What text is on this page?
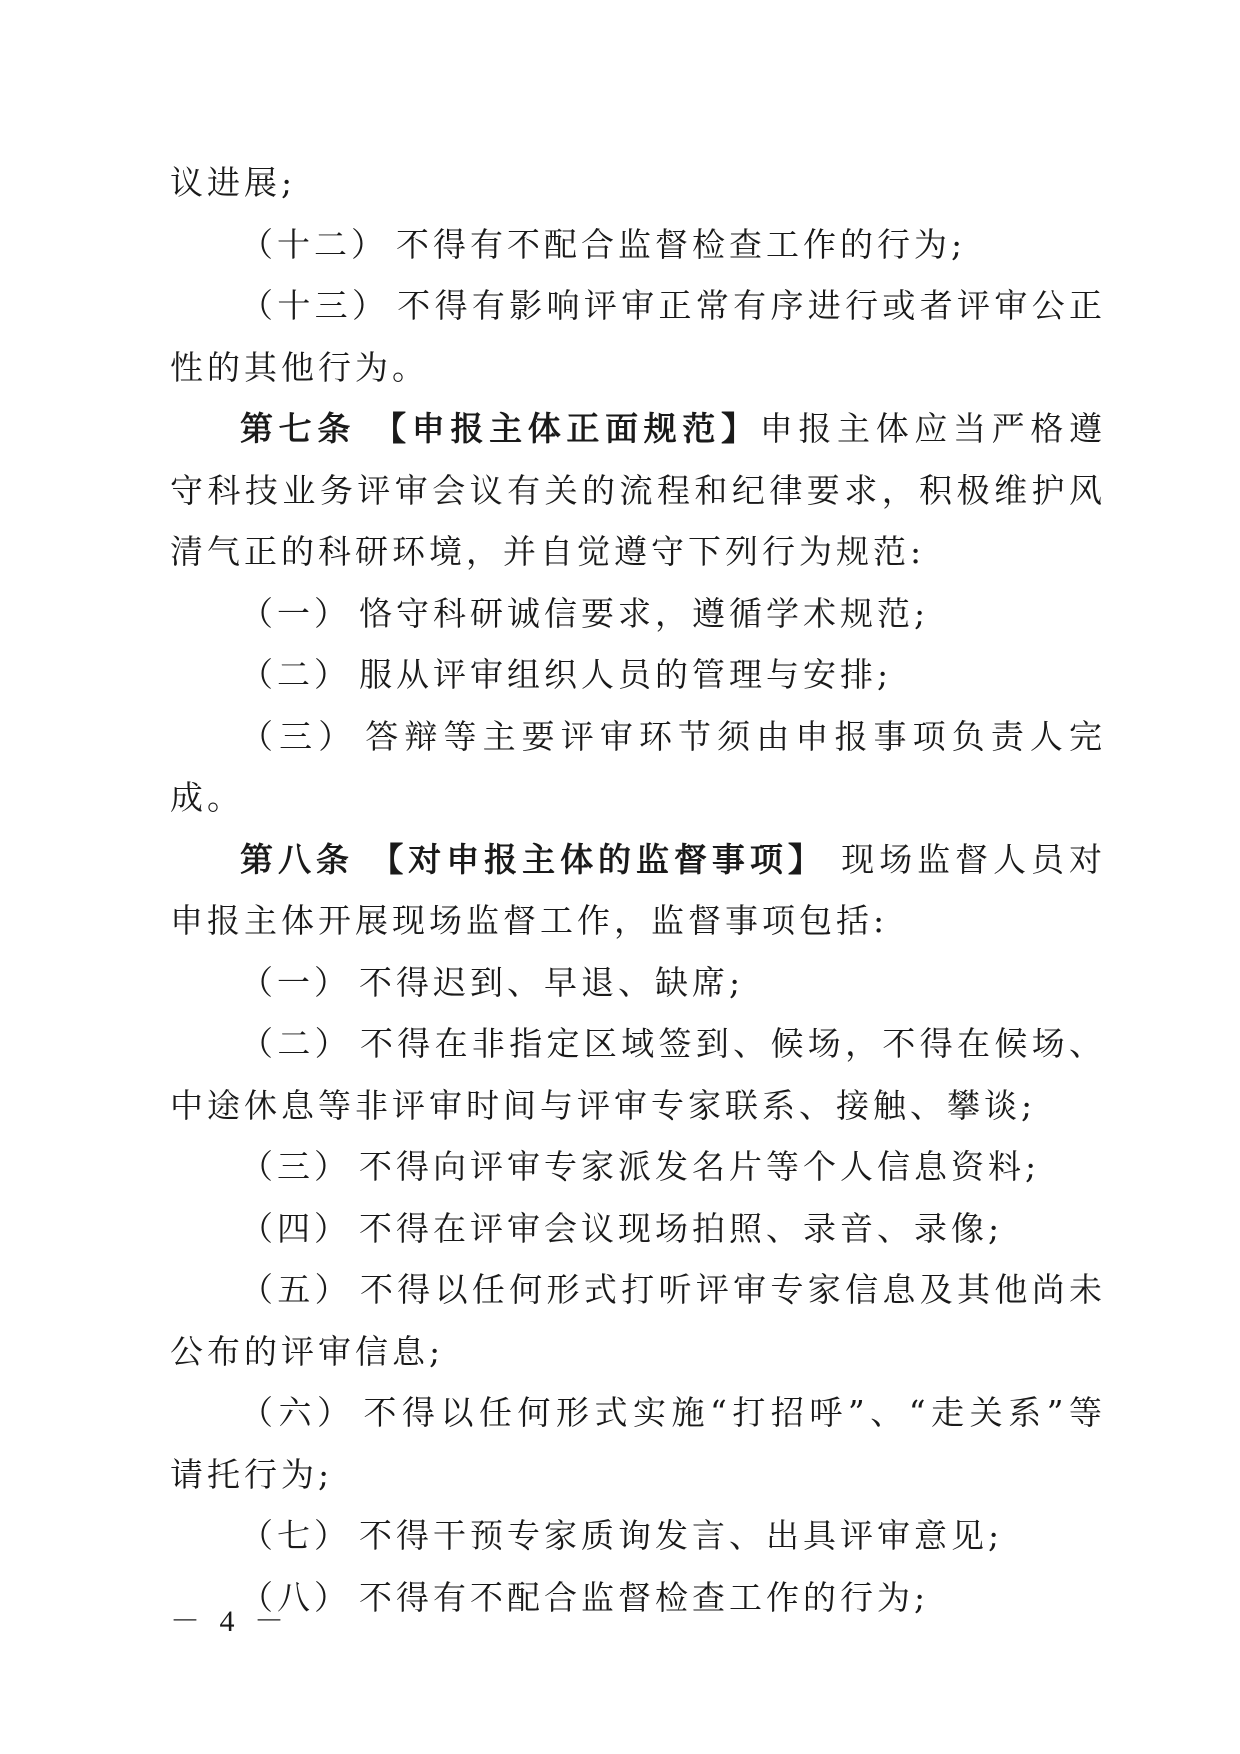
议进展;

（十二） 不得有不配合监督检查工作的行为;

（十三） 不得有影响评审正常有序进行或者评审公正性的其他行为。

第七条 【申报主体正面规范】申报主体应当严格遵守科技业务评审会议有关的流程和纪律要求，积极维护风清气正的科研环境，并自觉遵守下列行为规范:

（一） 恪守科研诚信要求，遵循学术规范;

（二） 服从评审组织人员的管理与安排;

（三） 答辩等主要评审环节须由申报事项负责人完成。

第八条 【对申报主体的监督事项】 现场监督人员对申报主体开展现场监督工作，监督事项包括:

（一） 不得迟到、早退、缺席;

（二） 不得在非指定区域签到、候场，不得在候场、中途休息等非评审时间与评审专家联系、接触、攀谈;

（三） 不得向评审专家派发名片等个人信息资料;

（四） 不得在评审会议现场拍照、录音、录像;

（五） 不得以任何形式打听评审专家信息及其他尚未公布的评审信息;

（六） 不得以任何形式实施“打招呼”、“走关系”等请托行为;

（七） 不得干预专家质询发言、出具评审意见;

（八） 不得有不配合监督检查工作的行为;

－ 4 －
